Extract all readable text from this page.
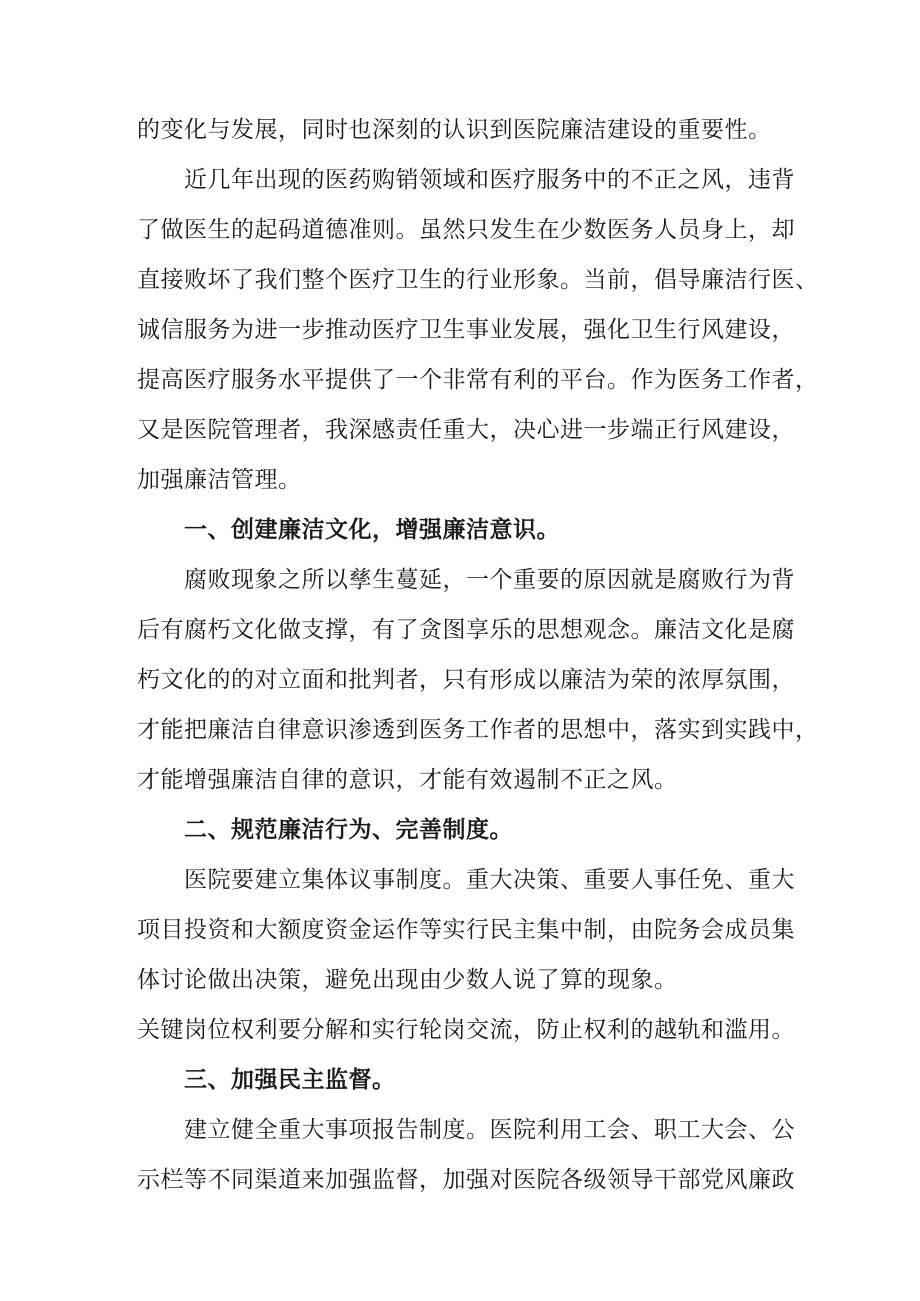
的变化与发展，同时也深刻的认识到医院廉洁建设的重要性。
近几年出现的医药购销领域和医疗服务中的不正之风，违背
了做医生的起码道德准则。虽然只发生在少数医务人员身上，却
直接败坏了我们整个医疗卫生的行业形象。当前，倡导廉洁行医、
诚信服务为进一步推动医疗卫生事业发展，强化卫生行风建设，
提高医疗服务水平提供了一个非常有利的平台。作为医务工作者，
又是医院管理者，我深感责任重大，决心进一步端正行风建设，
加强廉洁管理。
一、创建廉洁文化，增强廉洁意识。
腐败现象之所以孳生蔓延，一个重要的原因就是腐败行为背
后有腐朽文化做支撑，有了贪图享乐的思想观念。廉洁文化是腐
朽文化的的对立面和批判者，只有形成以廉洁为荣的浓厚氛围，
才能把廉洁自律意识渗透到医务工作者的思想中，落实到实践中，
才能增强廉洁自律的意识，才能有效遏制不正之风。
二、规范廉洁行为、完善制度。
医院要建立集体议事制度。重大决策、重要人事任免、重大
项目投资和大额度资金运作等实行民主集中制，由院务会成员集
体讨论做出决策，避免出现由少数人说了算的现象。
关键岗位权利要分解和实行轮岗交流，防止权利的越轨和滥用。
三、加强民主监督。
建立健全重大事项报告制度。医院利用工会、职工大会、公
示栏等不同渠道来加强监督，加强对医院各级领导干部党风廉政
